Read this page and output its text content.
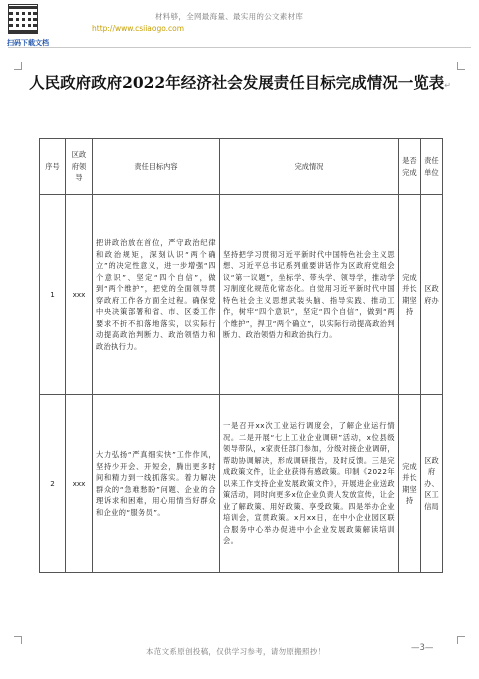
扫码下载文档
材料够，全网最海量、最实用的公文素材库
http://www.csiiaogo.com
人民政府政府2022年经济社会发展责任目标完成情况一览表↵
序号	区政府领导	责任目标内容	完成情况	是否完成	责任单位
1	xxx	把讲政治放在首位，严守政治纪律和政治规矩，深刻认识“两个确立”的决定性意义，进一步增强“四个意识”、坚定“四个自信”，做到“两个维护”，把党的全面领导贯穿政府工作各方面全过程。确保党中央决策部署和省、市、区委工作要求不折不扣落地落实，以实际行动提高政治判断力、政治领悟力和政治执行力。	坚持把学习贯彻习近平新时代中国特色社会主义思想、习近平总书记系列重要讲话作为区政府党组会议“第一议题”，坐标学、带头学、领导学，推动学习制度化规范化常态化。自觉用习近平新时代中国特色社会主义思想武装头脑、指导实践、推动工作，树牢“四个意识”，坚定“四个自信”，做到“两个维护”，捍卫“两个确立”，以实际行动提高政治判断力、政治领悟力和政治执行力。	完成并长期坚持	区政府办
2	xxx	大力弘扬“严真细实快”工作作风，坚持少开会、开短会，腾出更多时间和精力到一线抓落实。着力解决群众的“急难愁盼”问题、企业的合理诉求和困难，用心用情当好群众和企业的“服务员”。	一是召开xx次工业运行调度会，了解企业运行情况。二是开展“七上工业企业调研”活动，x位县级领导带队，x家责任部门参加，分级对接企业调研，帮助协调解决，形成调研报告，及时反馈。三是完成政策文件，让企业获得有感政策。印制《2022年以来工作支持企业发展政策文件》，开展进企业送政策活动，同时向更多x位企业负责人发放宣传，让企业了解政策、用好政策、享受政策。四是举办企业培训会，宣贯政策。x月xx日，在中小企业园区联合服务中心举办促进中小企业发展政策解读培训会。	完成并长期坚持	区政府办、区工信局
本范文系原创投稿，仅供学习参考，请勿原搬照抄！	—3—
